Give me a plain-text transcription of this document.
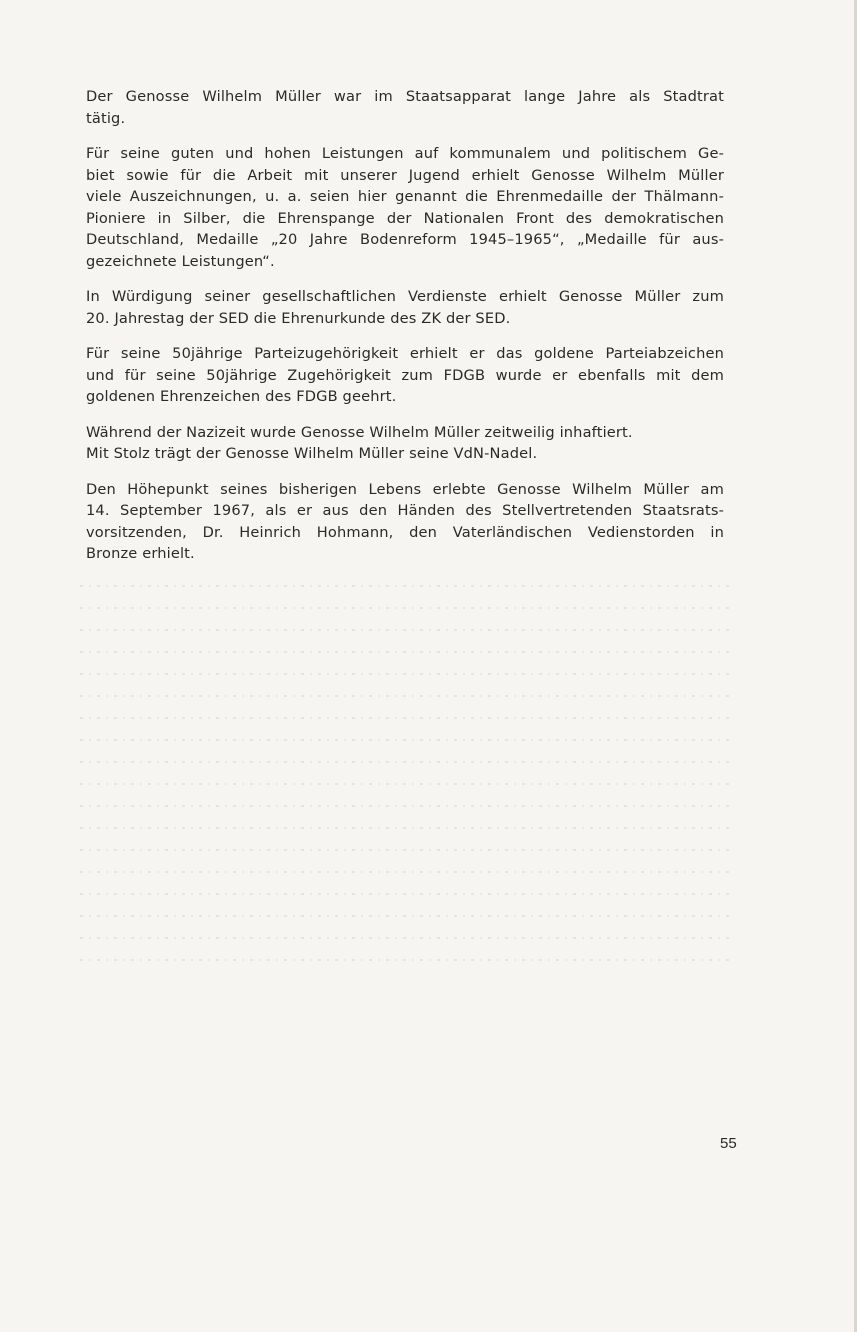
Der Genosse Wilhelm Müller war im Staatsapparat lange Jahre als Stadtrat
tätig.

Für seine guten und hohen Leistungen auf kommunalem und politischem Ge-
biet sowie für die Arbeit mit unserer Jugend erhielt Genosse Wilhelm Müller
viele Auszeichnungen, u. a. seien hier genannt die Ehrenmedaille der Thälmann-
Pioniere in Silber, die Ehrenspange der Nationalen Front des demokratischen
Deutschland, Medaille „20 Jahre Bodenreform 1945–1965“, „Medaille für aus-
gezeichnete Leistungen“.

In Würdigung seiner gesellschaftlichen Verdienste erhielt Genosse Müller zum
20. Jahrestag der SED die Ehrenurkunde des ZK der SED.

Für seine 50jährige Parteizugehörigkeit erhielt er das goldene Parteiabzeichen
und für seine 50jährige Zugehörigkeit zum FDGB wurde er ebenfalls mit dem
goldenen Ehrenzeichen des FDGB geehrt.

Während der Nazizeit wurde Genosse Wilhelm Müller zeitweilig inhaftiert.
Mit Stolz trägt der Genosse Wilhelm Müller seine VdN-Nadel.

Den Höhepunkt seines bisherigen Lebens erlebte Genosse Wilhelm Müller am
14. September 1967, als er aus den Händen des Stellvertretenden Staatsrats-
vorsitzenden, Dr. Heinrich Hohmann, den Vaterländischen Vedienstorden in
Bronze erhielt.

55
